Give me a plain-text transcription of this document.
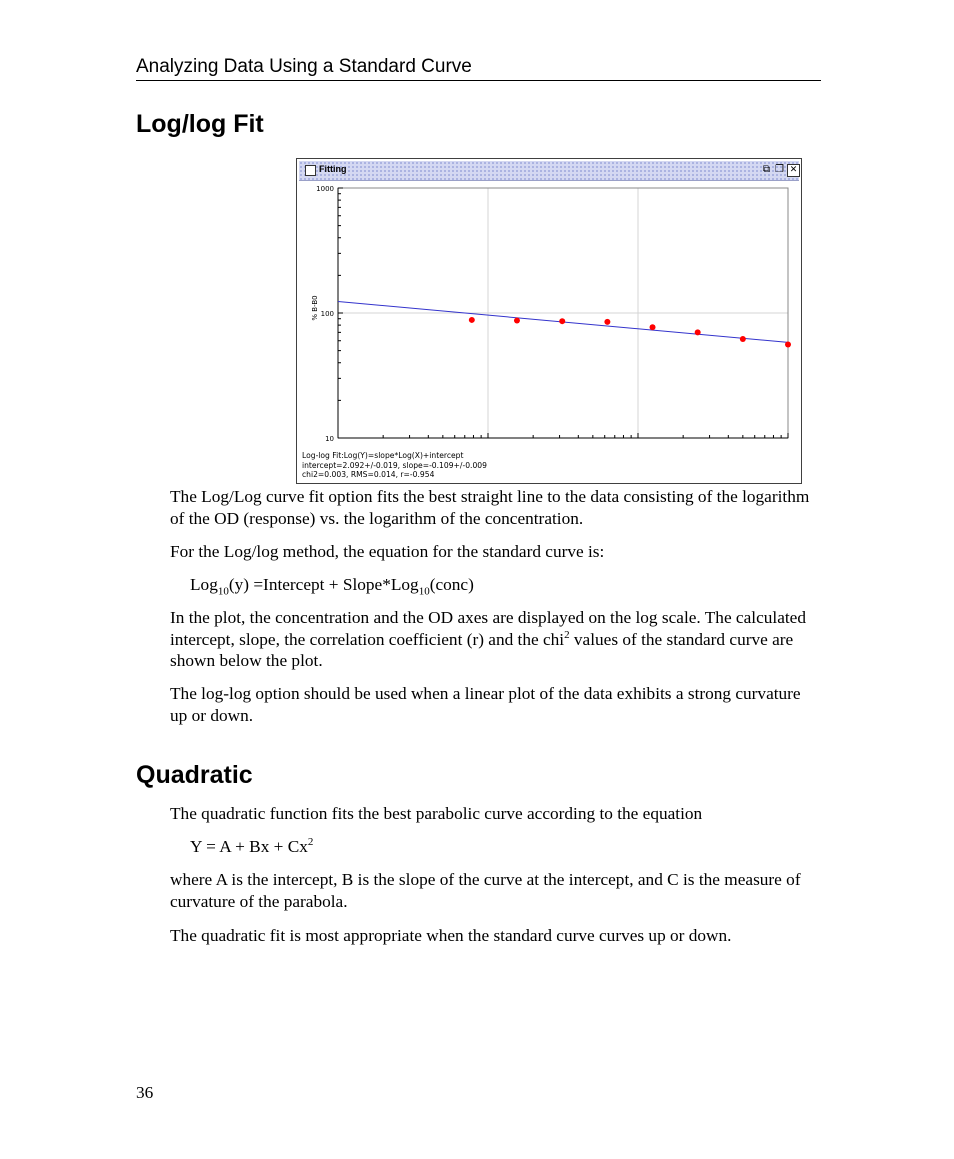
Analyzing Data Using a Standard Curve
Log/log Fit
Fitting	⧉ ❐ ✕
10
100
1000
% B-B0
Log-log Fit:Log(Y)=slope*Log(X)+intercept
intercept=2.092+/-0.019, slope=-0.109+/-0.009
chi2=0.003, RMS=0.014, r=-0.954

The Log/Log curve fit option fits the best straight line to the data consisting of the logarithm of the OD (response) vs. the logarithm of the concentration.

For the Log/log method, the equation for the standard curve is:

Log$_{10}$(y) =Intercept + Slope*Log$_{10}$(conc)

In the plot, the concentration and the OD axes are displayed on the log scale. The calculated intercept, slope, the correlation coefficient (r) and the chi$^2$ values of the standard curve are shown below the plot.

The log-log option should be used when a linear plot of the data exhibits a strong curvature up or down.

Quadratic

The quadratic function fits the best parabolic curve according to the equation

$Y = A + Bx + Cx^2$

where A is the intercept, B is the slope of the curve at the intercept, and C is the measure of curvature of the parabola.

The quadratic fit is most appropriate when the standard curve curves up or down.

36
